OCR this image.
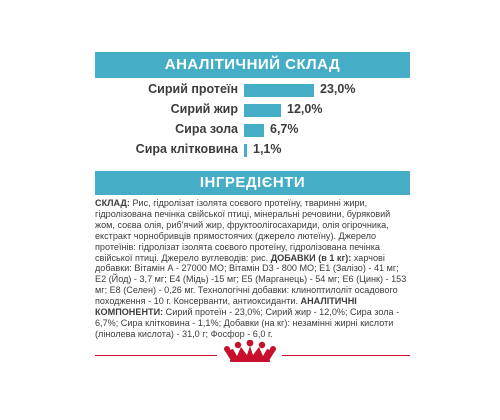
АНАЛІТИЧНИЙ СКЛАД
Сирий протеїн	23,0%
Сирий жир	12,0%
Сира зола	6,7%
Сира клітковина 1,1%
ІНГРЕДІЄНТИ
СКЛАД: Рис, гідролізат ізолята соєвого протеїну, тваринні жири, гідролізована печінка свійської птиці, мінеральні речовини, буряковий жом, соєва олія, риб'ячий жир, фруктоолігосахариди, олія огірочника, екстракт чорнобривців прямостоячих (джерело лютеїну). Джерело протеїнів: гідролізат ізолята соєвого протеїну, гідролізована печінка свійської птиці. Джерело вуглеводів: рис. ДОБАВКИ (в 1 кг): харчові добавки: Вітамін А - 27000 МО; Вітамін D3 - 800 МО; Е1 (Залізо) - 41 мг; Е2 (Йод) - 3,7 мг; Е4 (Мідь) -15 мг; Е5 (Марганець) - 54 мг; Е6 (Цинк) - 153 мг; Е8 (Селен) - 0,26 мг. Технологічні добавки: клиноптилоліт осадового походження - 10 г. Консерванти, антиоксиданти. АНАЛІТИЧНІ КОМПОНЕНТИ: Сирий протеїн - 23,0%; Сирий жир - 12,0%; Сира зола - 6,7%; Сира клітковина - 1,1%; Добавки (на кг): незамінні жирні кислоти (лінолева кислота) - 31,0 г; Фосфор - 6,0 г.
